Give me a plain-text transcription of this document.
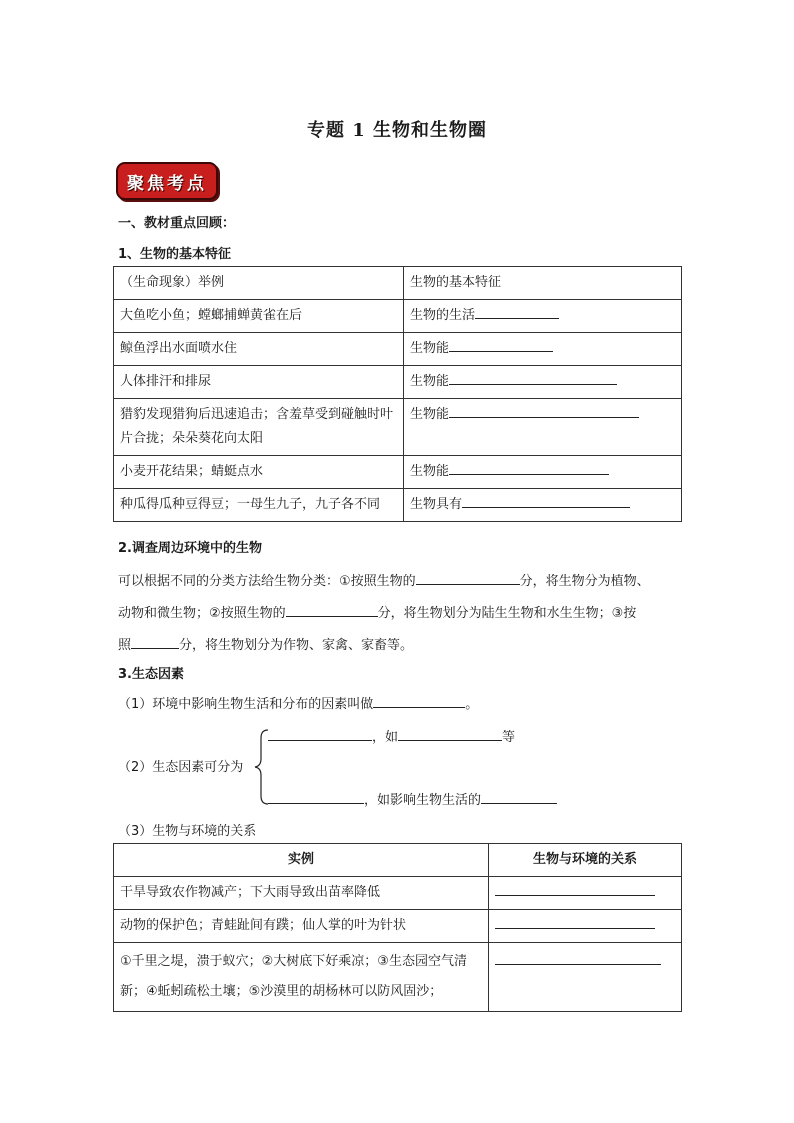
专题 1 生物和生物圈
聚焦考点
一、教材重点回顾：
1、生物的基本特征
（生命现象）举例	生物的基本特征
大鱼吃小鱼；螳螂捕蝉黄雀在后	生物的生活
鲸鱼浮出水面喷水住	生物能
人体排汗和排尿	生物能
猎豹发现猎狗后迅速追击；含羞草受到碰触时叶片合拢；朵朵葵花向太阳	生物能
小麦开花结果；蜻蜓点水	生物能
种瓜得瓜种豆得豆；一母生九子，九子各不同	生物具有
2.调查周边环境中的生物
可以根据不同的分类方法给生物分类：①按照生物的	分，将生物分为植物、
动物和微生物；②按照生物的	分，将生物划分为陆生生物和水生生物；③按
照	分，将生物划分为作物、家禽、家畜等。
3.生态因素
（1）环境中影响生物生活和分布的因素叫做	。
，如	等
（2）生态因素可分为
，如影响生物生活的
（3）生物与环境的关系
实例	生物与环境的关系
干旱导致农作物减产；下大雨导致出苗率降低	
动物的保护色；青蛙趾间有蹼；仙人掌的叶为针状	
①千里之堤，溃于蚁穴；②大树底下好乘凉；③生态园空气清新；④蚯蚓疏松土壤；⑤沙漠里的胡杨林可以防风固沙；	
